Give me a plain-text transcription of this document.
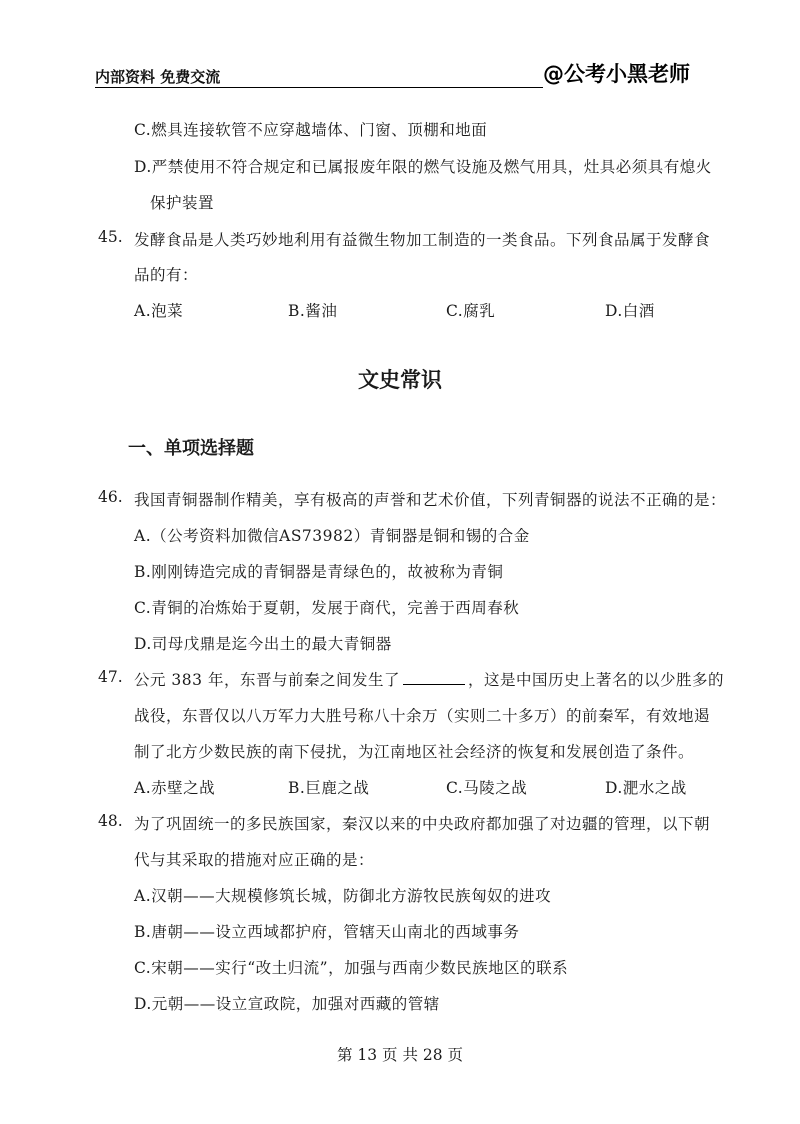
内部资料 免费交流	@公考小黑老师
C.燃具连接软管不应穿越墙体、门窗、顶棚和地面
D.严禁使用不符合规定和已属报废年限的燃气设施及燃气用具，灶具必须具有熄火
保护装置
45. 发酵食品是人类巧妙地利用有益微生物加工制造的一类食品。下列食品属于发酵食
品的有：
A.泡菜	B.酱油	C.腐乳	D.白酒
文史常识
一、单项选择题
46. 我国青铜器制作精美，享有极高的声誉和艺术价值，下列青铜器的说法不正确的是：
A.（公考资料加微信AS73982）青铜器是铜和锡的合金
B.刚刚铸造完成的青铜器是青绿色的，故被称为青铜
C.青铜的冶炼始于夏朝，发展于商代，完善于西周春秋
D.司母戊鼎是迄今出土的最大青铜器
47. 公元 383 年，东晋与前秦之间发生了	，这是中国历史上著名的以少胜多的
战役，东晋仅以八万军力大胜号称八十余万（实则二十多万）的前秦军，有效地遏
制了北方少数民族的南下侵扰，为江南地区社会经济的恢复和发展创造了条件。
A.赤壁之战	B.巨鹿之战	C.马陵之战	D.淝水之战
48. 为了巩固统一的多民族国家，秦汉以来的中央政府都加强了对边疆的管理，以下朝
代与其采取的措施对应正确的是：
A.汉朝——大规模修筑长城，防御北方游牧民族匈奴的进攻
B.唐朝——设立西域都护府，管辖天山南北的西域事务
C.宋朝——实行“改土归流”，加强与西南少数民族地区的联系
D.元朝——设立宣政院，加强对西藏的管辖
第 13 页 共 28 页
